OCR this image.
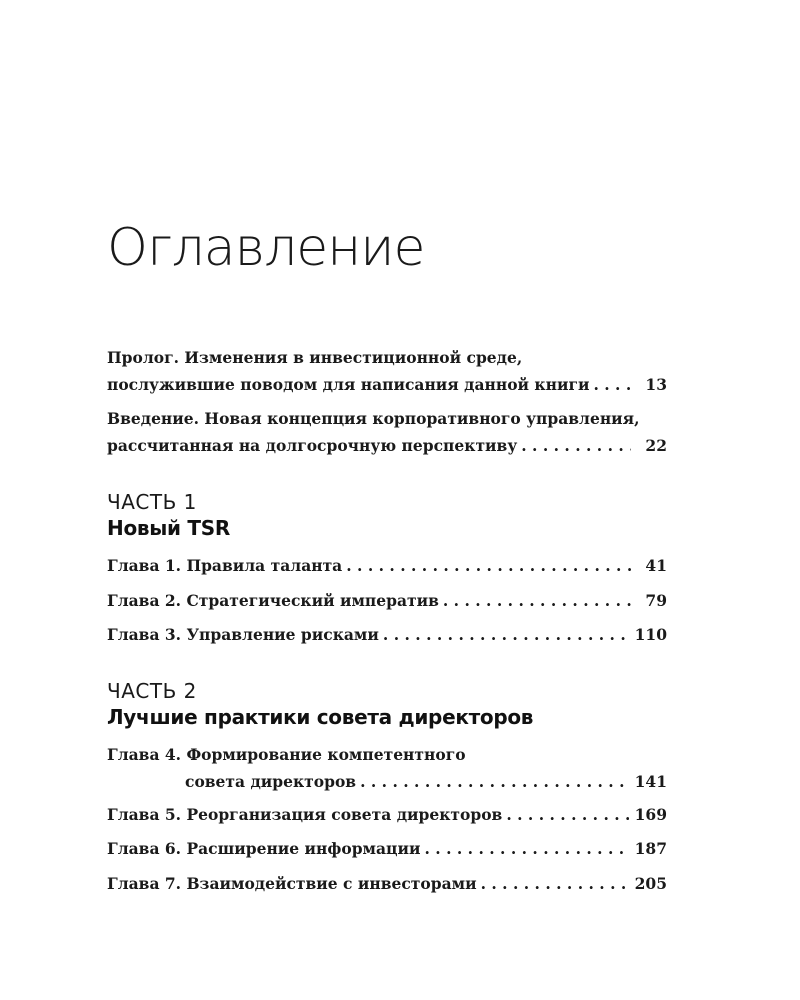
Оглавление
Пролог. Изменения в инвестиционной среде,
послужившие поводом для написания данной книги . . .	13
Введение. Новая концепция корпоративного управления,
рассчитанная на долгосрочную перспективу . . .	22
ЧАСТЬ 1
Новый TSR
Глава 1. Правила таланта . . .	41
Глава 2. Стратегический императив . . .	79
Глава 3. Управление рисками . . .	110
ЧАСТЬ 2
Лучшие практики совета директоров
Глава 4. Формирование компетентного
совета директоров . . .	141
Глава 5. Реорганизация совета директоров . . .	169
Глава 6. Расширение информации . . .	187
Глава 7. Взаимодействие с инвесторами . . .	205
